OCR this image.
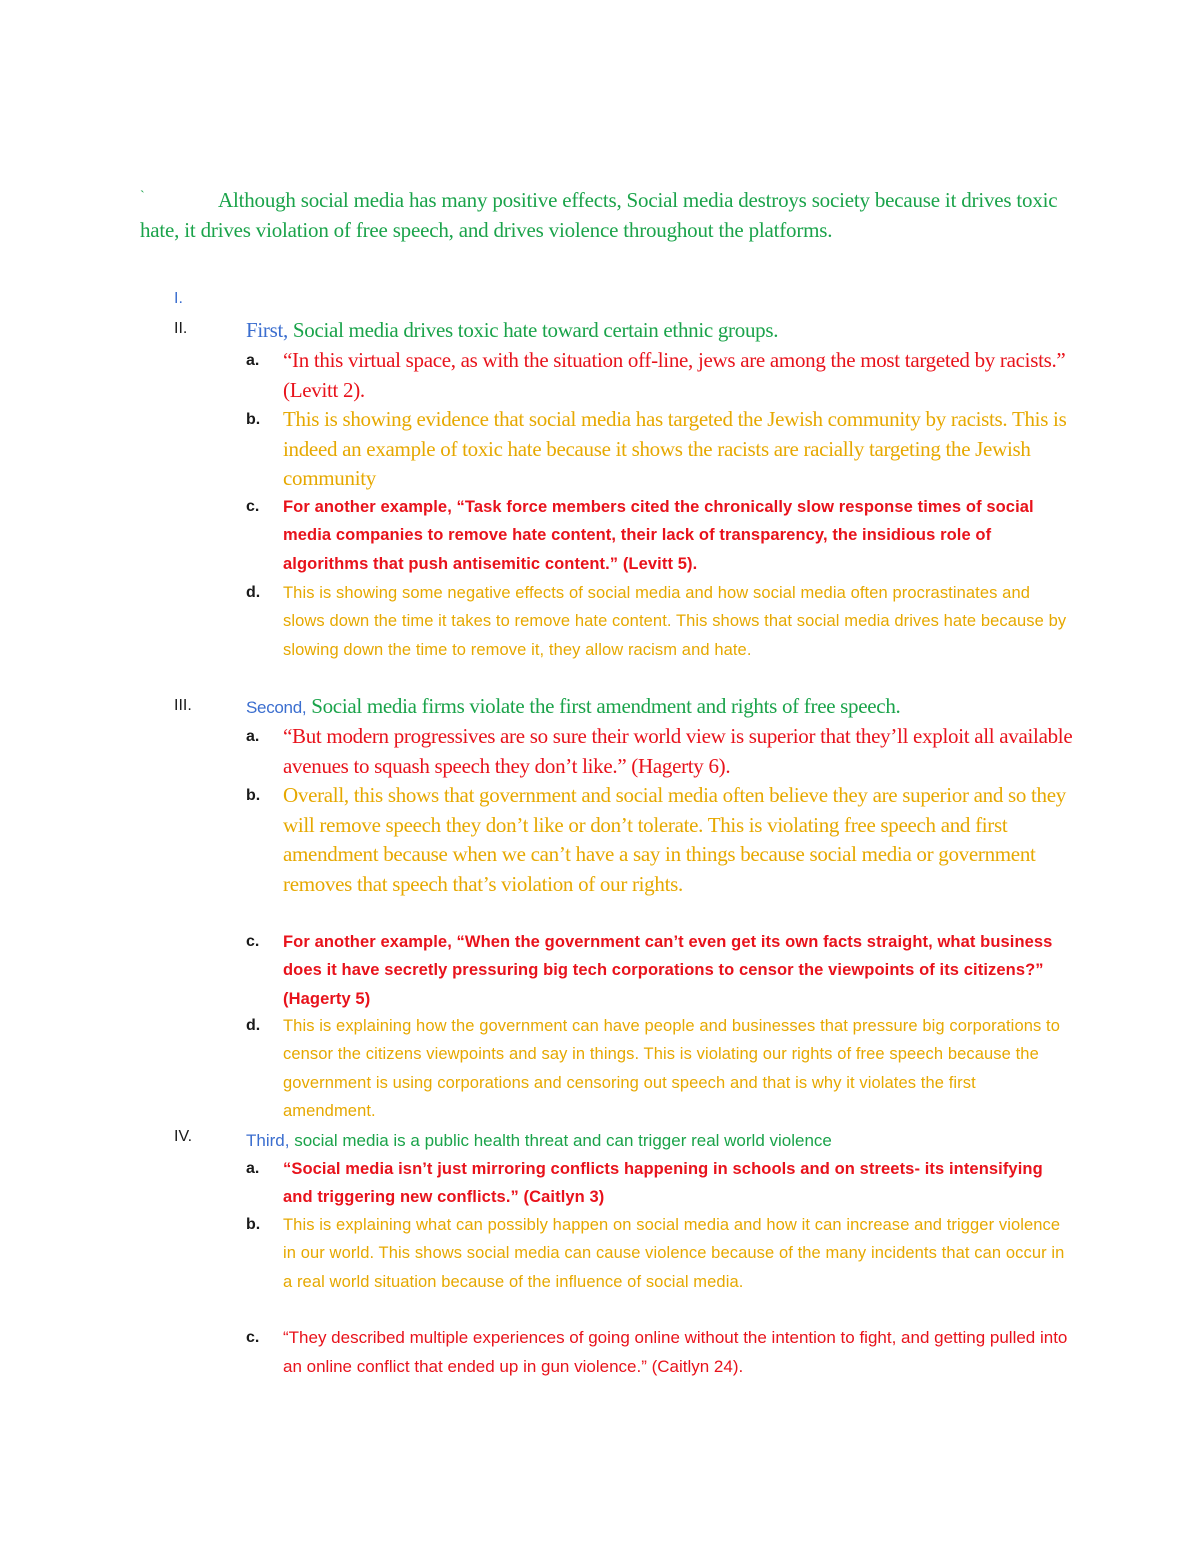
`	Although social media has many positive effects, Social media destroys society because it drives toxic hate, it drives violation of free speech, and drives violence throughout the platforms.

I.
II.	First, Social media drives toxic hate toward certain ethnic groups.

a. “In this virtual space, as with the situation off-line, jews are among the most targeted by racists.” (Levitt 2).

b. This is showing evidence that social media has targeted the Jewish community by racists. This is indeed an example of toxic hate because it shows the racists are racially targeting the Jewish community

c. For another example, “Task force members cited the chronically slow response times of social media companies to remove hate content, their lack of transparency, the insidious role of algorithms that push antisemitic content.” (Levitt 5).

d. This is showing some negative effects of social media and how social media often procrastinates and slows down the time it takes to remove hate content. This shows that social media drives hate because by slowing down the time to remove it, they allow racism and hate.

III.	Second, Social media firms violate the first amendment and rights of free speech.

a. “But modern progressives are so sure their world view is superior that they’ll exploit all available avenues to squash speech they don’t like.” (Hagerty 6).

b. Overall, this shows that government and social media often believe they are superior and so they will remove speech they don’t like or don’t tolerate. This is violating free speech and first amendment because when we can’t have a say in things because social media or government removes that speech that’s violation of our rights.

c. For another example, “When the government can’t even get its own facts straight, what business does it have secretly pressuring big tech corporations to censor the viewpoints of its citizens?” (Hagerty 5)

d. This is explaining how the government can have people and businesses that pressure big corporations to censor the citizens viewpoints and say in things. This is violating our rights of free speech because the government is using corporations and censoring out speech and that is why it violates the first amendment.

IV.	Third, social media is a public health threat and can trigger real world violence

a. “Social media isn’t just mirroring conflicts happening in schools and on streets- its intensifying and triggering new conflicts.” (Caitlyn 3)

b. This is explaining what can possibly happen on social media and how it can increase and trigger violence in our world. This shows social media can cause violence because of the many incidents that can occur in a real world situation because of the influence of social media.

c. “They described multiple experiences of going online without the intention to fight, and getting pulled into an online conflict that ended up in gun violence.” (Caitlyn 24).
